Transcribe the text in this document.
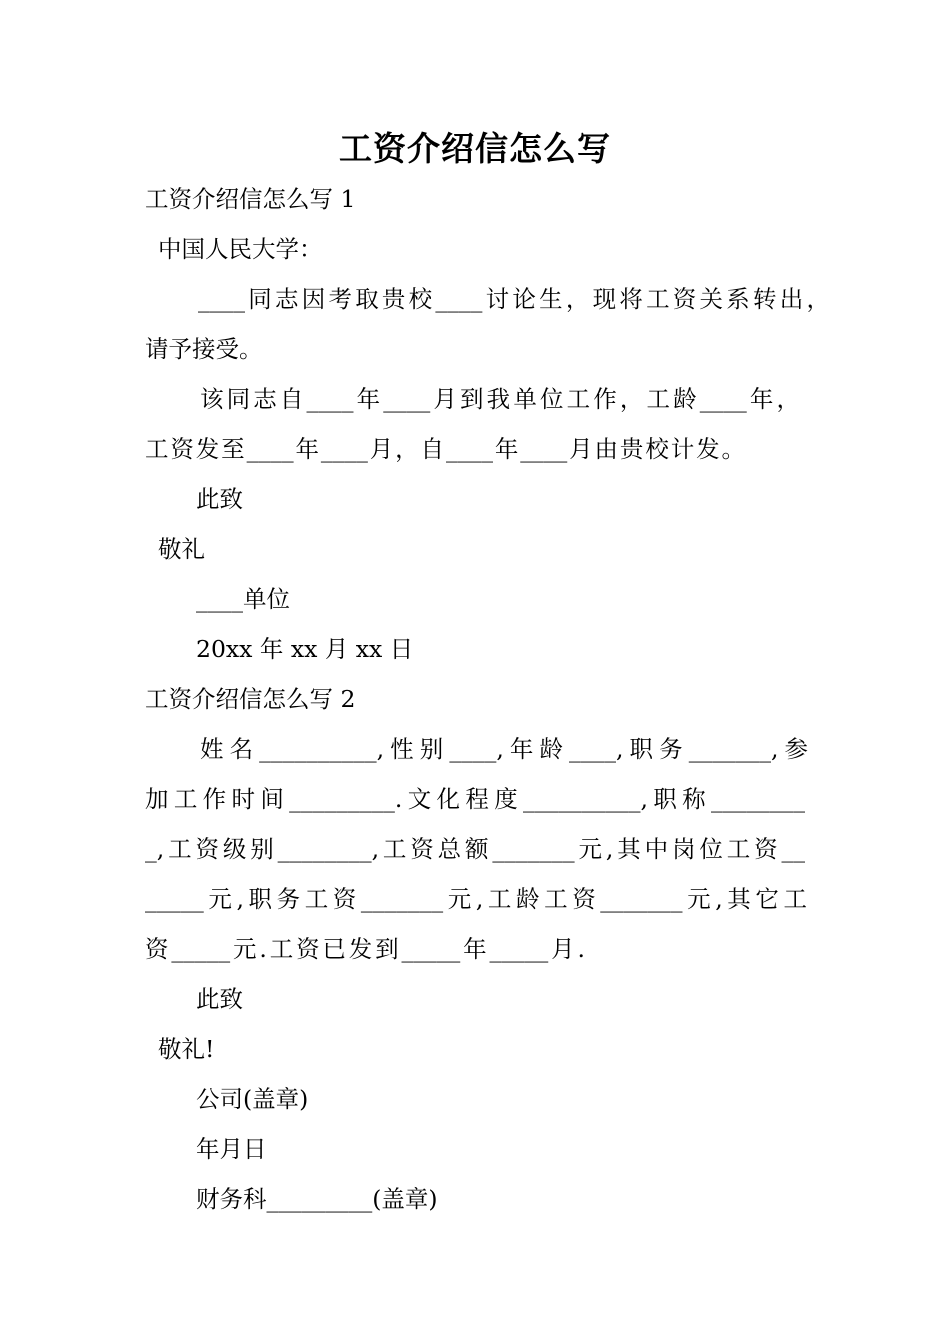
工资介绍信怎么写
工资介绍信怎么写 1
中国人民大学：
____同志因考取贵校____讨论生，现将工资关系转出，
请予接受。
该同志自____年____月到我单位工作，工龄____年，
工资发至____年____月，自____年____月由贵校计发。
此致
敬礼
____单位
20xx 年 xx 月 xx 日
工资介绍信怎么写 2
姓名__________,性别____,年龄____,职务_______,参
加工作时间_________.文化程度__________,职称________
_,工资级别________,工资总额_______元,其中岗位工资__
_____元,职务工资_______元,工龄工资_______元,其它工
资_____元.工资已发到_____年_____月.
此致
敬礼!
公司(盖章)
年月日
财务科_________(盖章)
